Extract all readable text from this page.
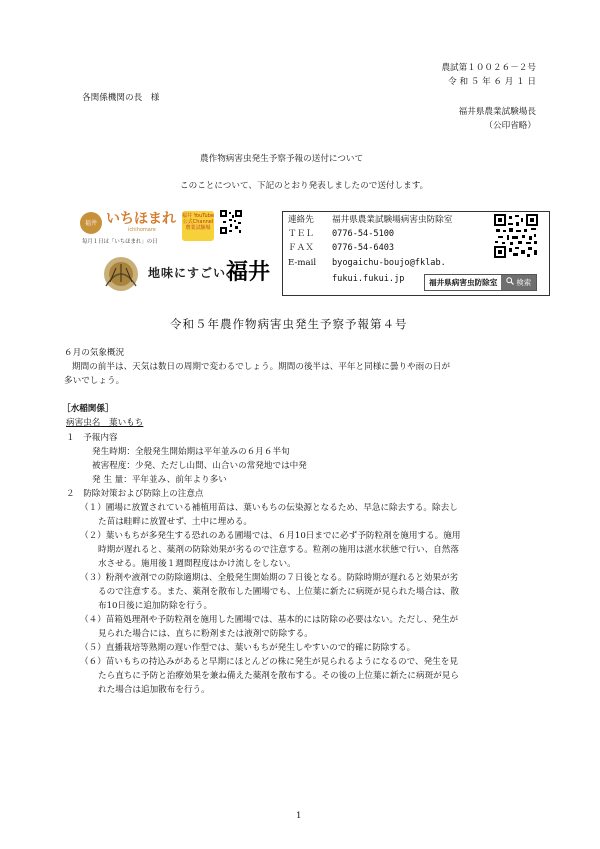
農試第１００２６－２号
令 和 ５ 年 ６ 月 １ 日
各関係機関の長　様
福井県農業試験場長
（公印省略）
農作物病害虫発生予察予報の送付について
このことについて、下記のとおり発表しましたので送付します。
福井 いちほまれ
ichihomare
毎月１日は「いちほまれ」の日
福井 YouTube 公式Channel 農業試験場
地味にすごい、
福井
連絡先 福井県農業試験場病害虫防除室
ＴＥＬ 0776-54-5100
ＦＡＸ 0776-54-6403
E-mail byogaichu-boujo@fklab.
fukui.fukui.jp	福井県病害虫防除室	検索
令和５年農作物病害虫発生予察予報第４号
６月の気象概況
期間の前半は、天気は数日の周期で変わるでしょう。期間の後半は、平年と同様に曇りや雨の日が
多いでしょう。
［水稲関係］
病害虫名　葉いもち
１　予報内容
発生時期：全般発生開始期は平年並みの６月６半旬
被害程度：少発、ただし山間、山合いの常発地では中発
発 生 量：平年並み、前年より多い
２　防除対策および防除上の注意点
（１）圃場に放置されている補植用苗は、葉いもちの伝染源となるため、早急に除去する。除去し
た苗は畦畔に放置せず、土中に埋める。
（２）葉いもちが多発生する恐れのある圃場では、６月10日までに必ず予防粒剤を施用する。施用
時期が遅れると、薬剤の防除効果が劣るので注意する。粒剤の施用は湛水状態で行い、自然落
水させる。施用後１週間程度はかけ流しをしない。
（３）粉剤や液剤での防除適期は、全般発生開始期の７日後となる。防除時期が遅れると効果が劣
るので注意する。また、薬剤を散布した圃場でも、上位葉に新たに病斑が見られた場合は、散
布10日後に追加防除を行う。
（４）苗箱処理剤や予防粒剤を施用した圃場では、基本的には防除の必要はない。ただし、発生が
見られた場合には、直ちに粉剤または液剤で防除する。
（５）直播栽培等熟期の遅い作型では、葉いもちが発生しやすいので的確に防除する。
（６）苗いもちの持込みがあると早期にほとんどの株に発生が見られるようになるので、発生を見
たら直ちに予防と治療効果を兼ね備えた薬剤を散布する。その後の上位葉に新たに病斑が見ら
れた場合は追加散布を行う。
1
